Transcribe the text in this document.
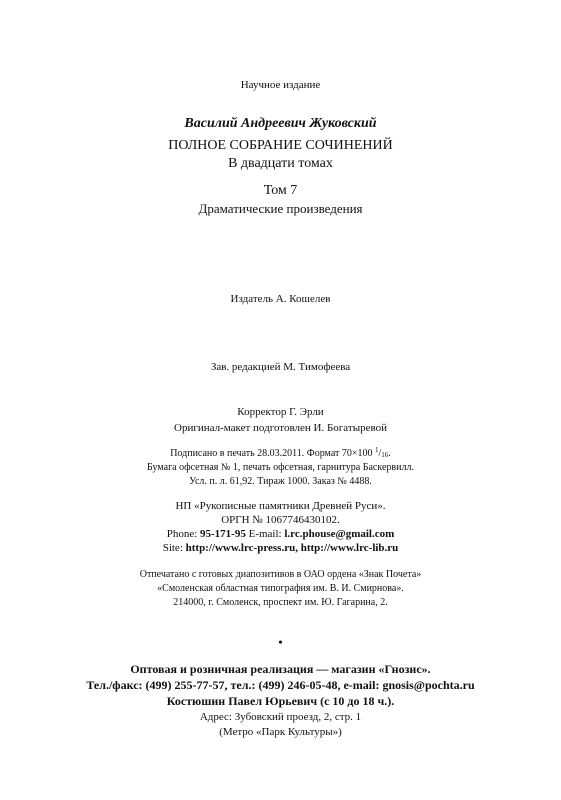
Научное издание
Василий Андреевич Жуковский
ПОЛНОЕ СОБРАНИЕ СОЧИНЕНИЙ
В двадцати томах
Том 7
Драматические произведения
Издатель А. Кошелев
Зав. редакцией М. Тимофеева
Корректор Г. Эрли
Оригинал-макет подготовлен И. Богатыревой
Подписано в печать 28.03.2011. Формат 70×100 $^1/_{16}$.
Бумага офсетная № 1, печать офсетная, гарнитура Баскервилл.
Усл. п. л. 61,92. Тираж 1000. Заказ № 4488.
НП «Рукописные памятники Древней Руси».
ОРГН № 1067746430102.
Phone: 95-171-95 E-mail: l.rc.phouse@gmail.com
Site: http://www.lrc-press.ru, http://www.lrc-lib.ru
Отпечатано с готовых диапозитивов в ОАО ордена «Знак Почета»
«Смоленская областная типография им. В. И. Смирнова».
214000, г. Смоленск, проспект им. Ю. Гагарина, 2.
•
Оптовая и розничная реализация — магазин «Гнозис».
Тел./факс: (499) 255-77-57, тел.: (499) 246-05-48, e-mail: gnosis@pochta.ru
Костюшин Павел Юрьевич (с 10 до 18 ч.).
Адрес: Зубовский проезд, 2, стр. 1
(Метро «Парк Культуры»)
